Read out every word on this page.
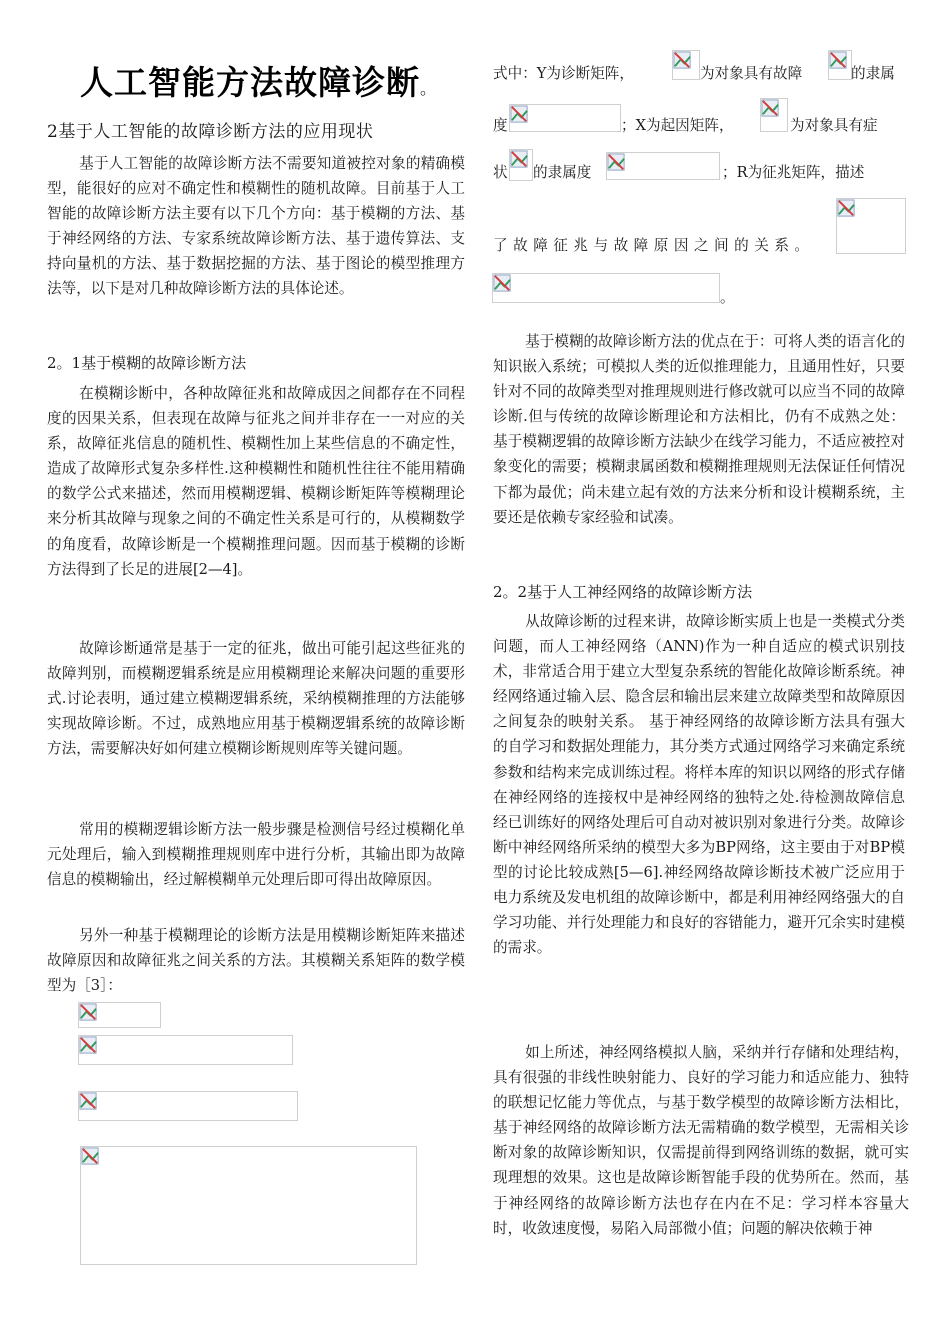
人工智能方法故障诊断。
2基于人工智能的故障诊断方法的应用现状

基于人工智能的故障诊断方法不需要知道被控对象的精确模型，能很好的应对不确定性和模糊性的随机故障。目前基于人工智能的故障诊断方法主要有以下几个方向：基于模糊的方法、基于神经网络的方法、专家系统故障诊断方法、基于遗传算法、支持向量机的方法、基于数据挖掘的方法、基于图论的模型推理方法等，以下是对几种故障诊断方法的具体论述。

2。1基于模糊的故障诊断方法

在模糊诊断中，各种故障征兆和故障成因之间都存在不同程度的因果关系，但表现在故障与征兆之间并非存在一一对应的关系，故障征兆信息的随机性、模糊性加上某些信息的不确定性，造成了故障形式复杂多样性.这种模糊性和随机性往往不能用精确的数学公式来描述，然而用模糊逻辑、模糊诊断矩阵等模糊理论来分析其故障与现象之间的不确定性关系是可行的，从模糊数学的角度看，故障诊断是一个模糊推理问题。因而基于模糊的诊断方法得到了长足的进展[2—4]。

故障诊断通常是基于一定的征兆，做出可能引起这些征兆的故障判别，而模糊逻辑系统是应用模糊理论来解决问题的重要形式.讨论表明，通过建立模糊逻辑系统，采纳模糊推理的方法能够实现故障诊断。不过，成熟地应用基于模糊逻辑系统的故障诊断方法，需要解决好如何建立模糊诊断规则库等关键问题。

常用的模糊逻辑诊断方法一般步骤是检测信号经过模糊化单元处理后，输入到模糊推理规则库中进行分析，其输出即为故障信息的模糊输出，经过解模糊单元处理后即可得出故障原因。

另外一种基于模糊理论的诊断方法是用模糊诊断矩阵来描述故障原因和故障征兆之间关系的方法。其模糊关系矩阵的数学模型为［3］：

式中：Y为诊断矩阵，	为对象具有故障	的隶属
度	；X为起因矩阵，	为对象具有症
状 的隶属度	；R为征兆矩阵，描述
了故障征兆与故障原因之间的关系。
。

基于模糊的故障诊断方法的优点在于：可将人类的语言化的知识嵌入系统；可模拟人类的近似推理能力，且通用性好，只要针对不同的故障类型对推理规则进行修改就可以应当不同的故障诊断.但与传统的故障诊断理论和方法相比，仍有不成熟之处：基于模糊逻辑的故障诊断方法缺少在线学习能力，不适应被控对象变化的需要；模糊隶属函数和模糊推理规则无法保证任何情况下都为最优；尚未建立起有效的方法来分析和设计模糊系统，主要还是依赖专家经验和试凑。

2。2基于人工神经网络的故障诊断方法

从故障诊断的过程来讲，故障诊断实质上也是一类模式分类问题，而人工神经网络（ANN)作为一种自适应的模式识别技术，非常适合用于建立大型复杂系统的智能化故障诊断系统。神经网络通过输入层、隐含层和输出层来建立故障类型和故障原因之间复杂的映射关系。 基于神经网络的故障诊断方法具有强大的自学习和数据处理能力，其分类方式通过网络学习来确定系统参数和结构来完成训练过程。将样本库的知识以网络的形式存储在神经网络的连接权中是神经网络的独特之处.待检测故障信息经已训练好的网络处理后可自动对被识别对象进行分类。故障诊断中神经网络所采纳的模型大多为BP网络，这主要由于对BP模型的讨论比较成熟[5—6].神经网络故障诊断技术被广泛应用于电力系统及发电机组的故障诊断中，都是利用神经网络强大的自学习功能、并行处理能力和良好的容错能力，避开冗余实时建模的需求。

如上所述，神经网络模拟人脑，采纳并行存储和处理结构，具有很强的非线性映射能力、良好的学习能力和适应能力、独特的联想记忆能力等优点，与基于数学模型的故障诊断方法相比，基于神经网络的故障诊断方法无需精确的数学模型，无需相关诊断对象的故障诊断知识，仅需提前得到网络训练的数据，就可实现理想的效果。这也是故障诊断智能手段的优势所在。然而，基于神经网络的故障诊断方法也存在内在不足：学习样本容量大时，收敛速度慢，易陷入局部微小值；问题的解决依赖于神
